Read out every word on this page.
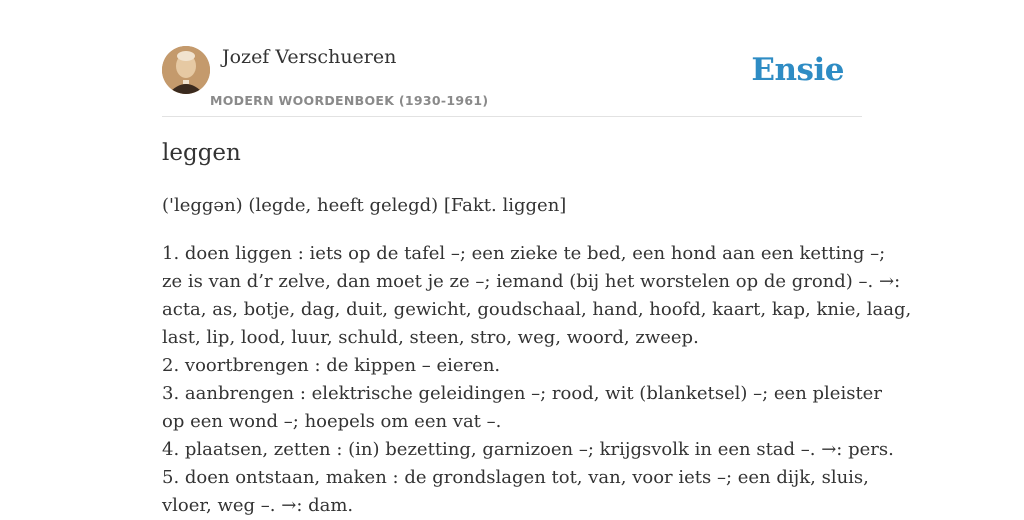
Jozef Verschueren
MODERN WOORDENBOEK (1930-1961)
Ensie
leggen
('leggən) (legde, heeft gelegd) [Fakt. liggen]
1. doen liggen : iets op de tafel –; een zieke te bed, een hond aan een ketting –;
ze is van d’r zelve, dan moet je ze –; iemand (bij het worstelen op de grond) –. →:
acta, as, botje, dag, duit, gewicht, goudschaal, hand, hoofd, kaart, kap, knie, laag,
last, lip, lood, luur, schuld, steen, stro, weg, woord, zweep.
2. voortbrengen : de kippen – eieren.
3. aanbrengen : elektrische geleidingen –; rood, wit (blanketsel) –; een pleister
op een wond –; hoepels om een vat –.
4. plaatsen, zetten : (in) bezetting, garnizoen –; krijgsvolk in een stad –. →: pers.
5. doen ontstaan, maken : de grondslagen tot, van, voor iets –; een dijk, sluis,
vloer, weg –. →: dam.
